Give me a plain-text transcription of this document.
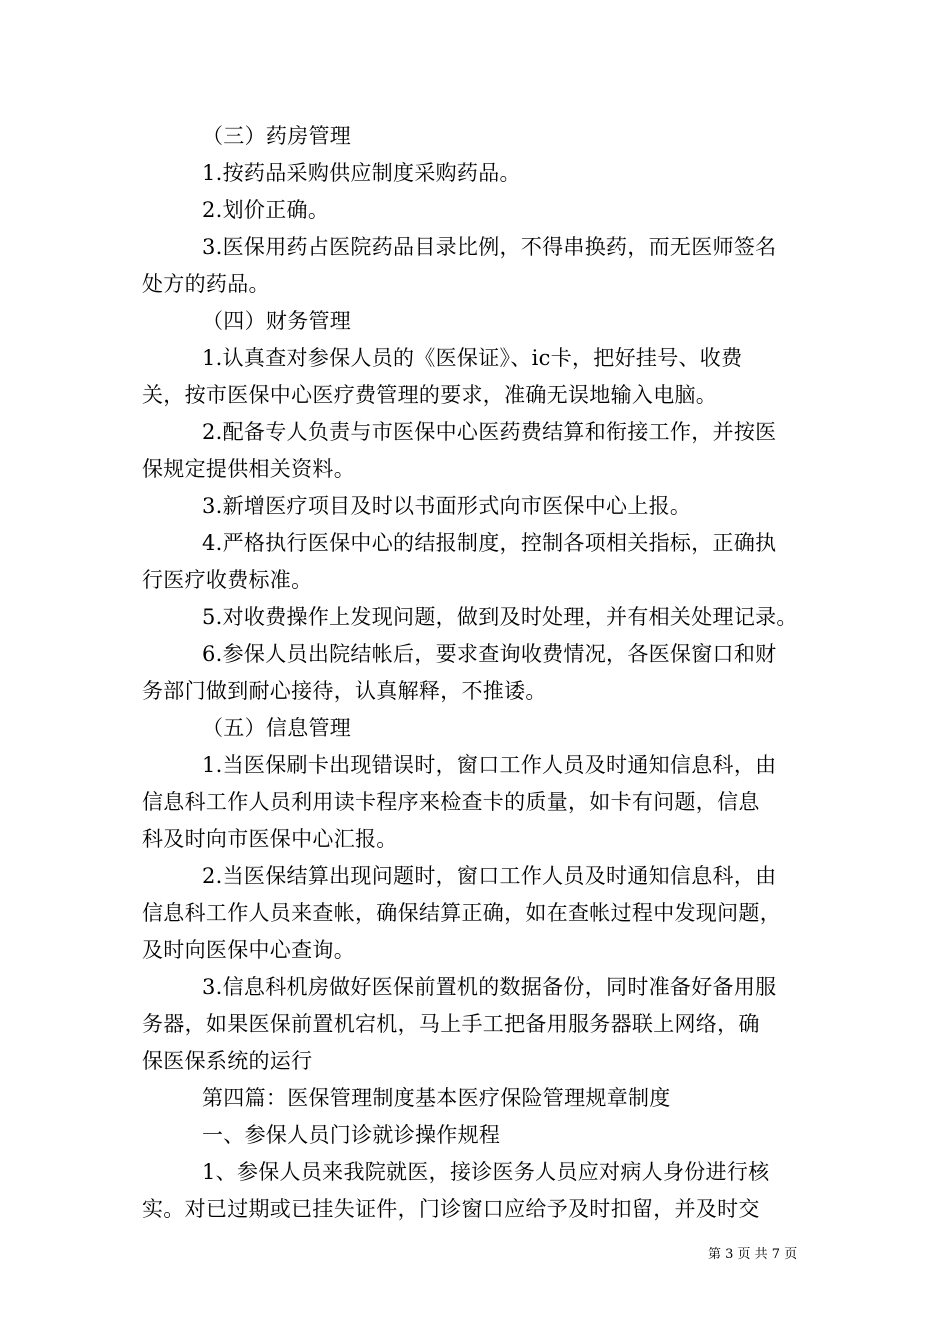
（三）药房管理
1.按药品采购供应制度采购药品。
2.划价正确。
3.医保用药占医院药品目录比例，不得串换药，而无医师签名
处方的药品。
（四）财务管理
1.认真查对参保人员的《医保证》、ic卡，把好挂号、收费
关，按市医保中心医疗费管理的要求，准确无误地输入电脑。
2.配备专人负责与市医保中心医药费结算和衔接工作，并按医
保规定提供相关资料。
3.新增医疗项目及时以书面形式向市医保中心上报。
4.严格执行医保中心的结报制度，控制各项相关指标，正确执
行医疗收费标准。
5.对收费操作上发现问题，做到及时处理，并有相关处理记录。
6.参保人员出院结帐后，要求查询收费情况，各医保窗口和财
务部门做到耐心接待，认真解释，不推诿。
（五）信息管理
1.当医保刷卡出现错误时，窗口工作人员及时通知信息科，由
信息科工作人员利用读卡程序来检查卡的质量，如卡有问题，信息
科及时向市医保中心汇报。
2.当医保结算出现问题时，窗口工作人员及时通知信息科，由
信息科工作人员来查帐，确保结算正确，如在查帐过程中发现问题，
及时向医保中心查询。
3.信息科机房做好医保前置机的数据备份，同时准备好备用服
务器，如果医保前置机宕机，马上手工把备用服务器联上网络，确
保医保系统的运行
第四篇：医保管理制度基本医疗保险管理规章制度
一、参保人员门诊就诊操作规程
1、参保人员来我院就医，接诊医务人员应对病人身份进行核
实。对已过期或已挂失证件，门诊窗口应给予及时扣留，并及时交
第 3 页 共 7 页
